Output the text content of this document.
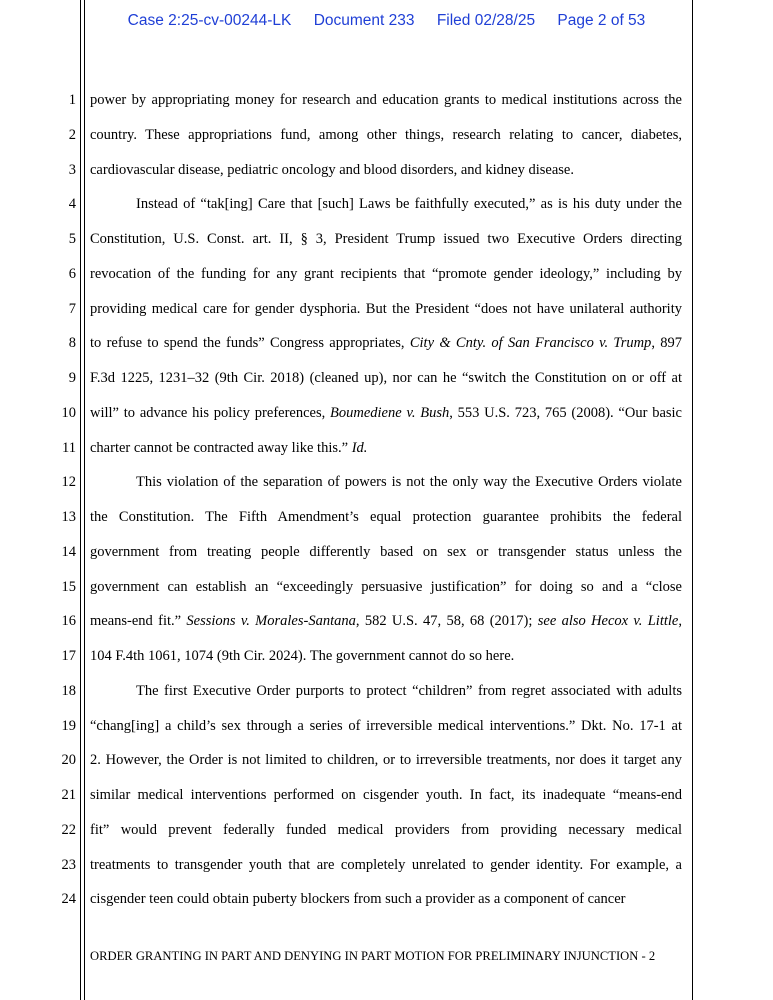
Case 2:25-cv-00244-LK Document 233 Filed 02/28/25 Page 2 of 53
1
2
3
4
5
6
7
8
9
10
11
12
13
14
15
16
17
18
19
20
21
22
23
24
power by appropriating money for research and education grants to medical institutions across the
country. These appropriations fund, among other things, research relating to cancer, diabetes,
cardiovascular disease, pediatric oncology and blood disorders, and kidney disease.
Instead of “tak[ing] Care that [such] Laws be faithfully executed,” as is his duty under the
Constitution, U.S. Const. art. II, § 3, President Trump issued two Executive Orders directing
revocation of the funding for any grant recipients that “promote gender ideology,” including by
providing medical care for gender dysphoria. But the President “does not have unilateral authority
to refuse to spend the funds” Congress appropriates, City & Cnty. of San Francisco v. Trump, 897
F.3d 1225, 1231–32 (9th Cir. 2018) (cleaned up), nor can he “switch the Constitution on or off at
will” to advance his policy preferences, Boumediene v. Bush, 553 U.S. 723, 765 (2008). “Our basic
charter cannot be contracted away like this.” Id.
This violation of the separation of powers is not the only way the Executive Orders violate
the Constitution. The Fifth Amendment’s equal protection guarantee prohibits the federal
government from treating people differently based on sex or transgender status unless the
government can establish an “exceedingly persuasive justification” for doing so and a “close
means-end fit.” Sessions v. Morales-Santana, 582 U.S. 47, 58, 68 (2017); see also Hecox v. Little,
104 F.4th 1061, 1074 (9th Cir. 2024). The government cannot do so here.
The first Executive Order purports to protect “children” from regret associated with adults
“chang[ing] a child’s sex through a series of irreversible medical interventions.” Dkt. No. 17-1 at
2. However, the Order is not limited to children, or to irreversible treatments, nor does it target any
similar medical interventions performed on cisgender youth. In fact, its inadequate “means-end
fit” would prevent federally funded medical providers from providing necessary medical
treatments to transgender youth that are completely unrelated to gender identity. For example, a
cisgender teen could obtain puberty blockers from such a provider as a component of cancer
ORDER GRANTING IN PART AND DENYING IN PART MOTION FOR PRELIMINARY INJUNCTION - 2
